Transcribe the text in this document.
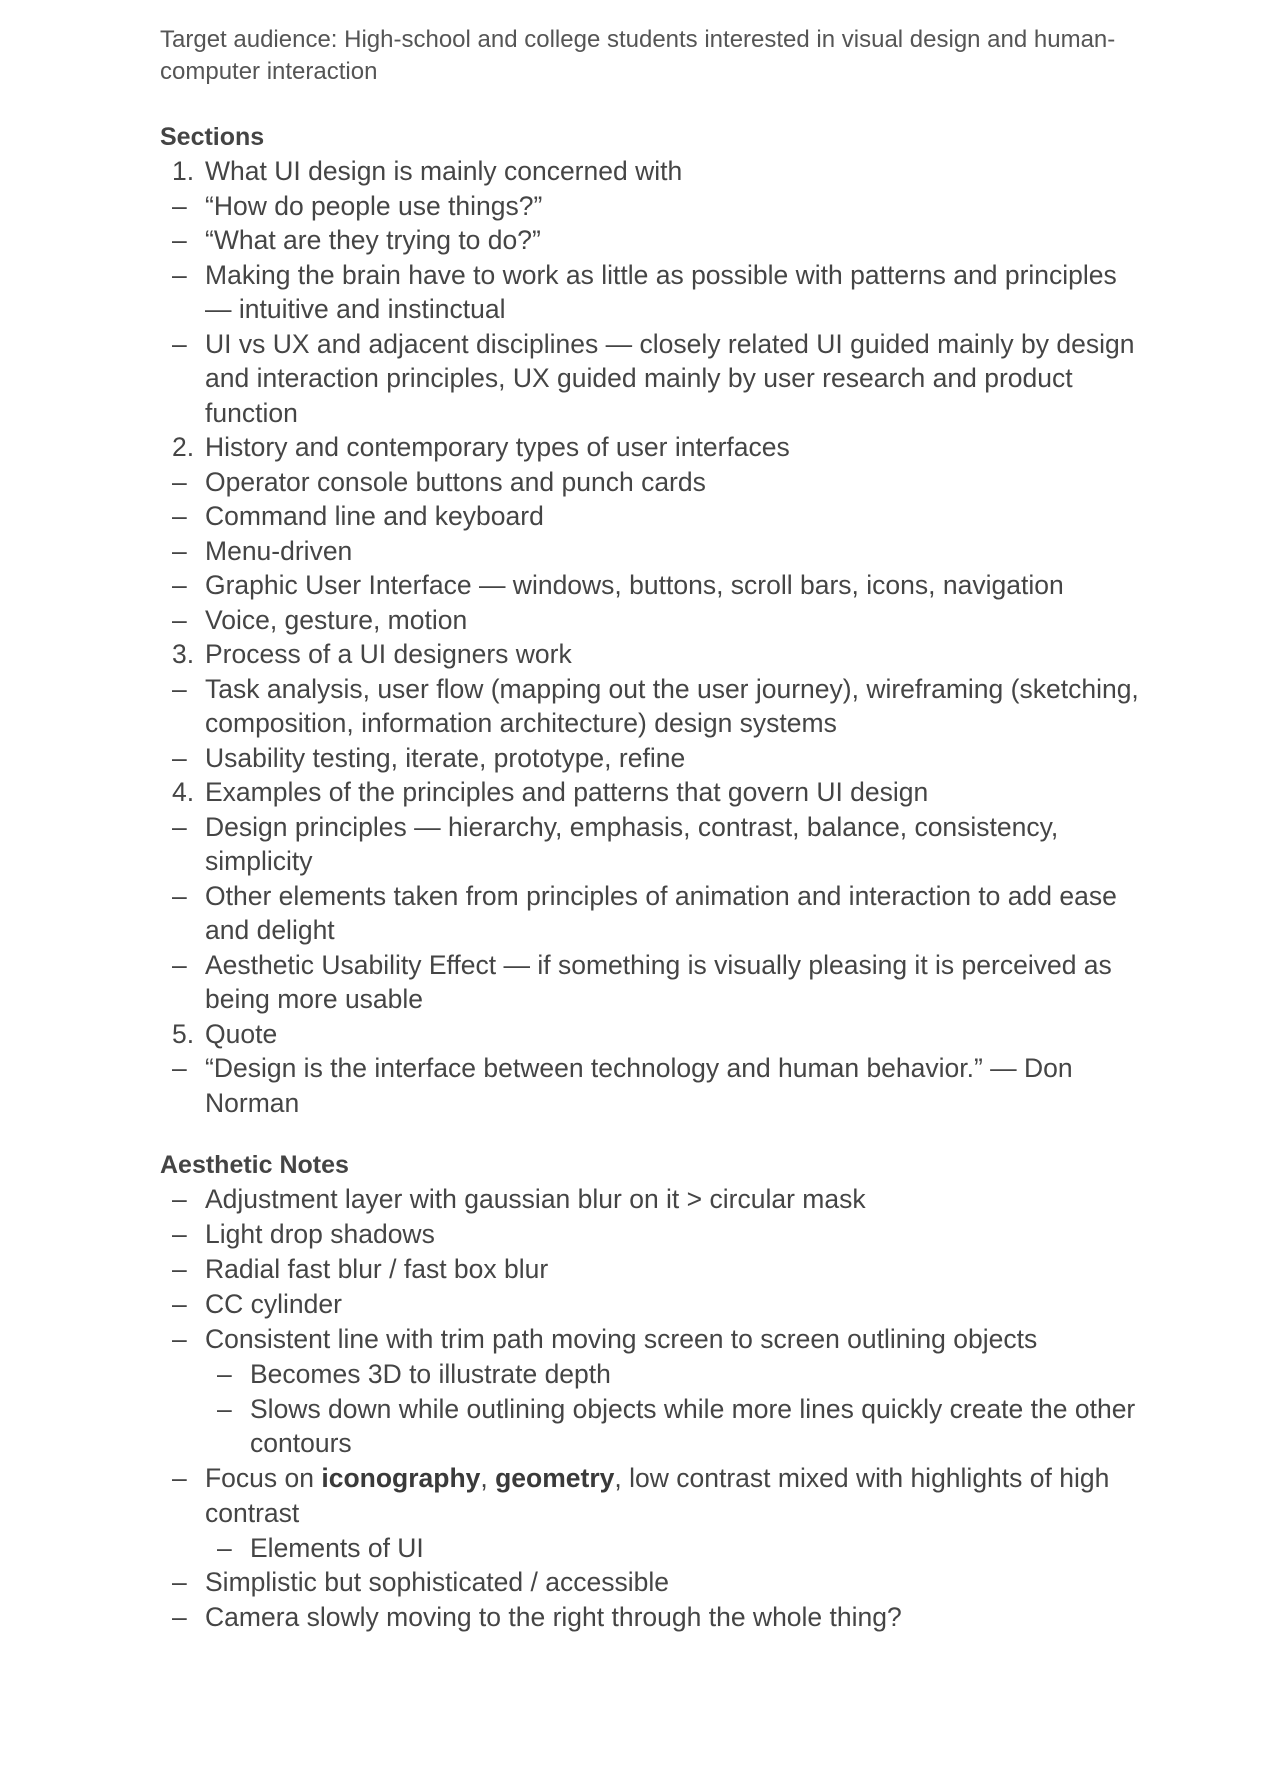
Target audience: High-school and college students interested in visual design and human-computer interaction

Sections

1. What UI design is mainly concerned with
– “How do people use things?”
– “What are they trying to do?”
– Making the brain have to work as little as possible with patterns and principles — intuitive and instinctual
– UI vs UX and adjacent disciplines — closely related UI guided mainly by design and interaction principles, UX guided mainly by user research and product function
2. History and contemporary types of user interfaces
– Operator console buttons and punch cards
– Command line and keyboard
– Menu-driven
– Graphic User Interface — windows, buttons, scroll bars, icons, navigation
– Voice, gesture, motion
3. Process of a UI designers work
– Task analysis, user flow (mapping out the user journey), wireframing (sketching, composition, information architecture) design systems
– Usability testing, iterate, prototype, refine
4. Examples of the principles and patterns that govern UI design
– Design principles — hierarchy, emphasis, contrast, balance, consistency, simplicity
– Other elements taken from principles of animation and interaction to add ease and delight
– Aesthetic Usability Effect — if something is visually pleasing it is perceived as being more usable
5. Quote
– “Design is the interface between technology and human behavior.” — Don Norman

Aesthetic Notes

– Adjustment layer with gaussian blur on it > circular mask
– Light drop shadows
– Radial fast blur / fast box blur
– CC cylinder
– Consistent line with trim path moving screen to screen outlining objects
– Becomes 3D to illustrate depth
– Slows down while outlining objects while more lines quickly create the other contours
– Focus on iconography, geometry, low contrast mixed with highlights of high contrast
– Elements of UI
– Simplistic but sophisticated / accessible
– Camera slowly moving to the right through the whole thing?
